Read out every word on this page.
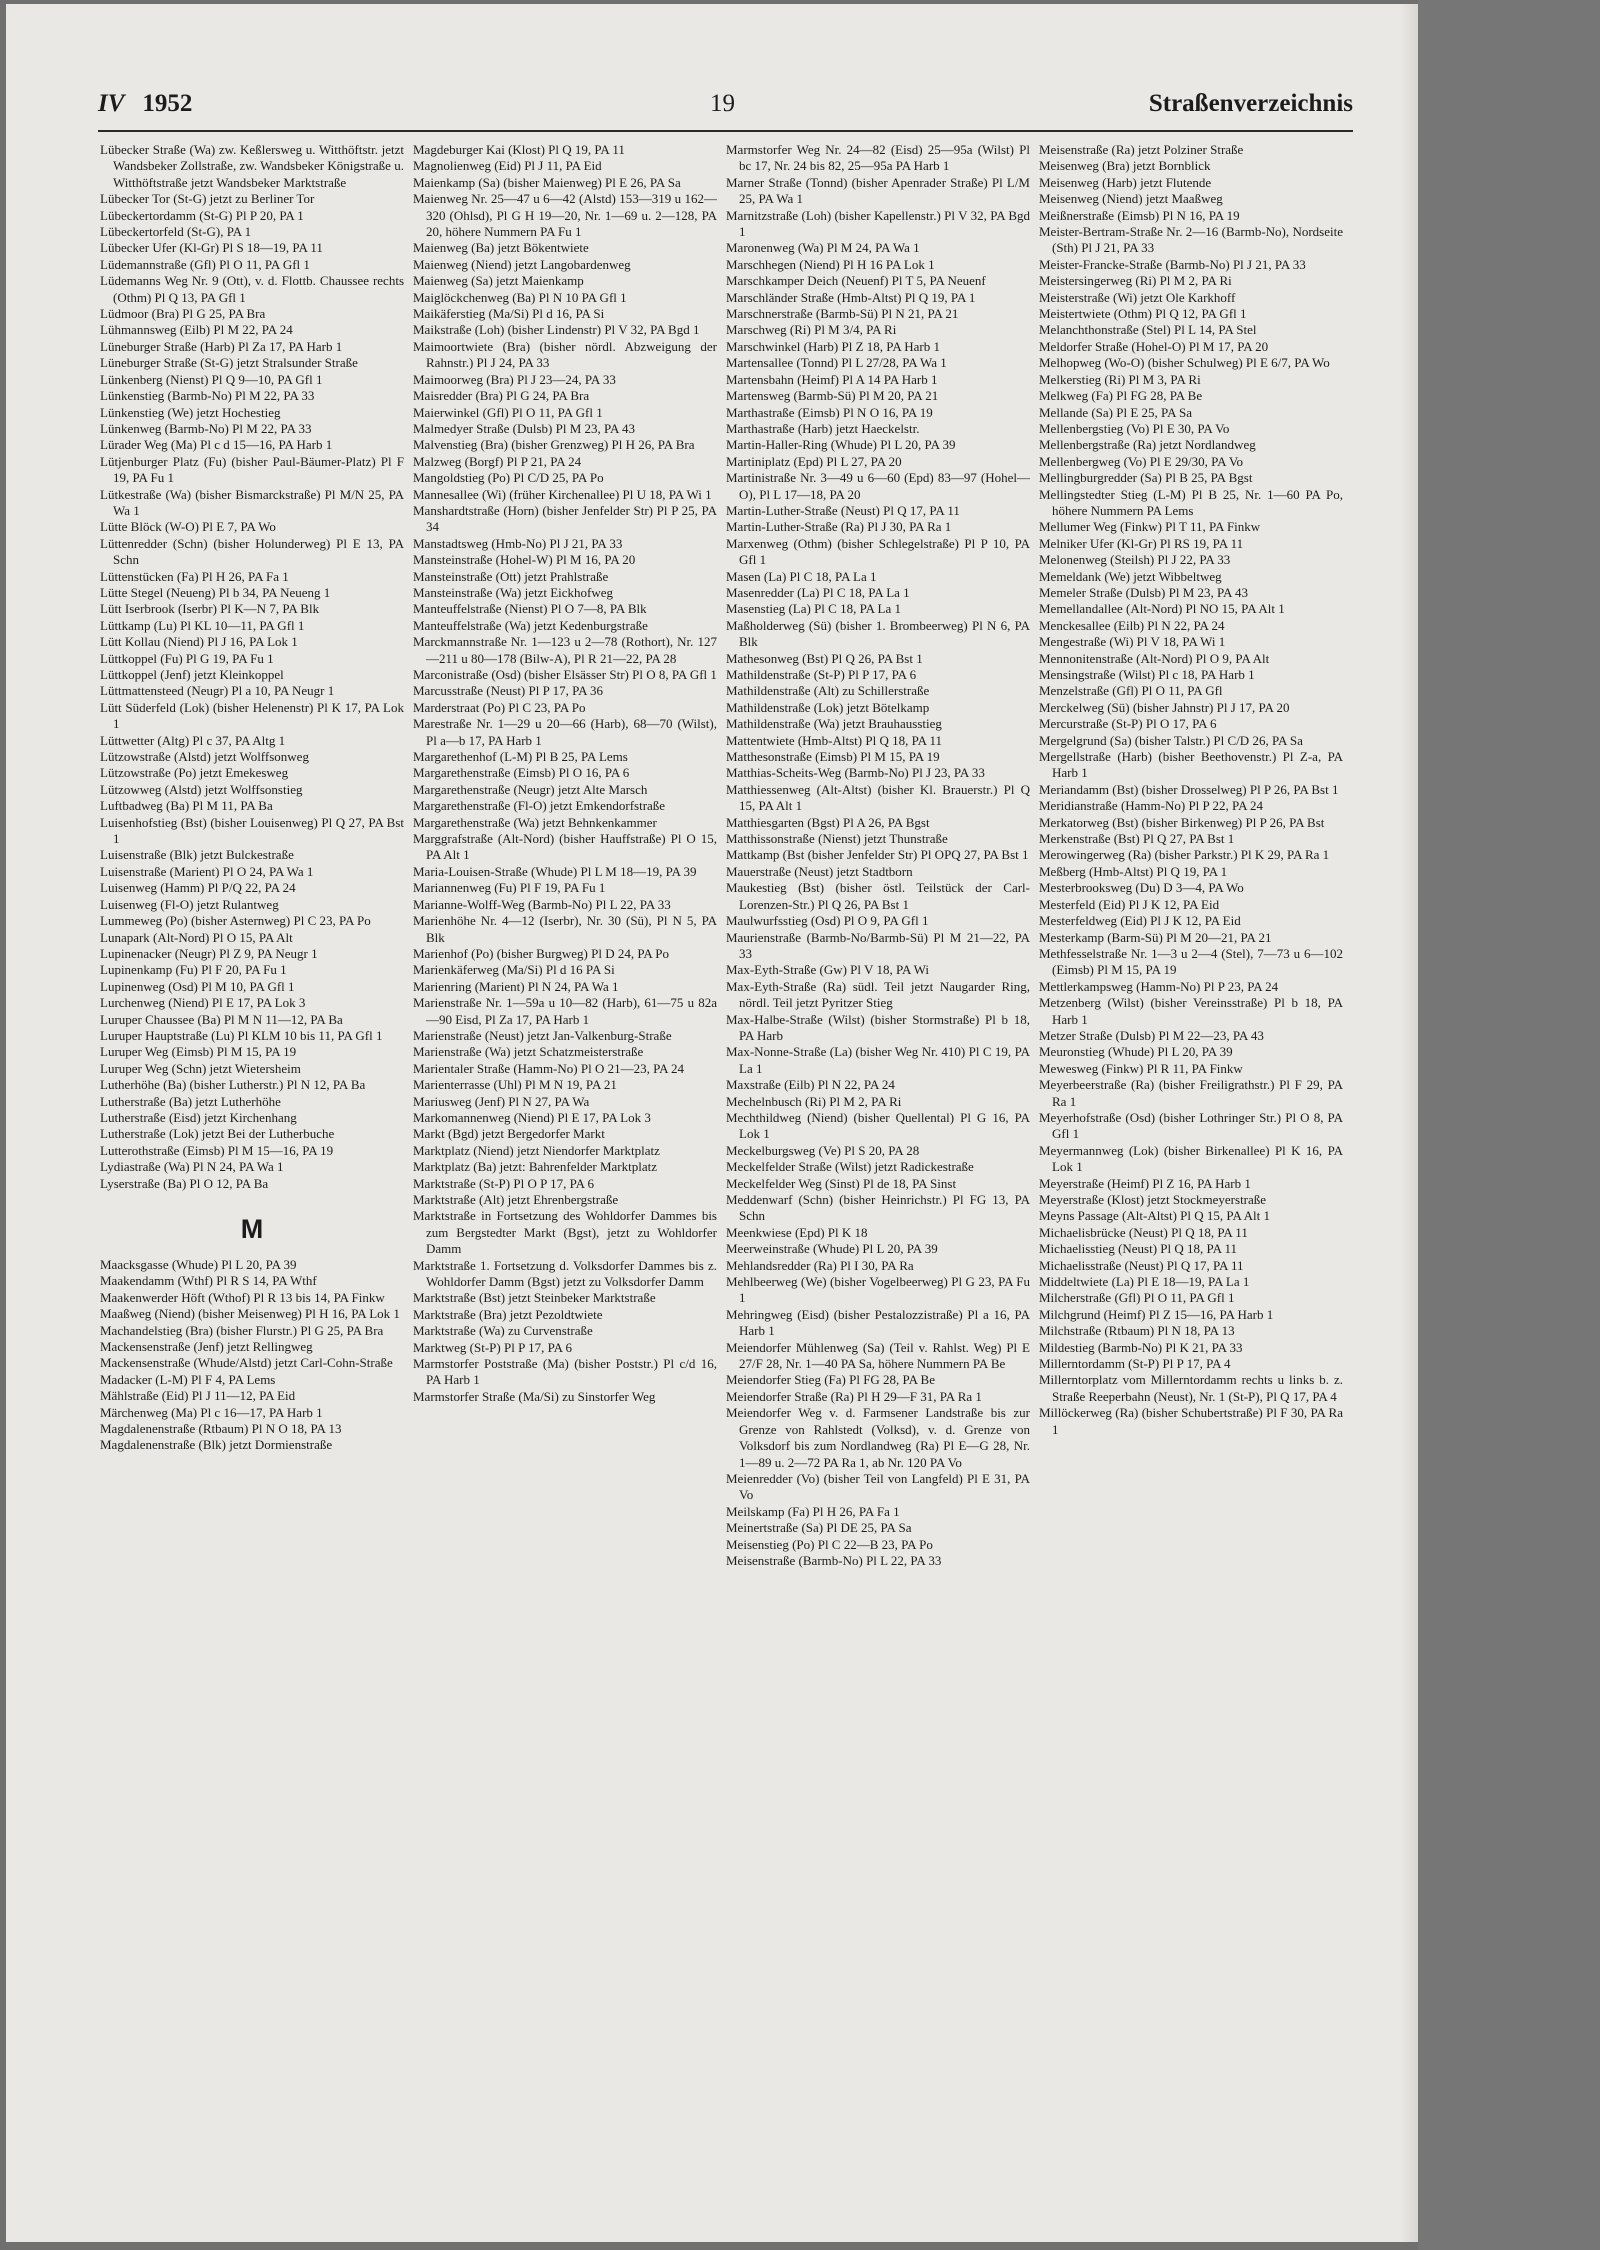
IV 1952	19	Straßenverzeichnis

Lübecker Straße (Wa) zw. Keßlersweg u. Witthöftstr. jetzt Wandsbeker Zollstraße, zw. Wandsbeker Königstraße u. Witthöftstraße jetzt Wandsbeker Marktstraße

Lübecker Tor (St-G) jetzt zu Berliner Tor

Lübeckertordamm (St-G) Pl P 20, PA 1

Lübeckertorfeld (St-G), PA 1

Lübecker Ufer (Kl-Gr) Pl S 18—19, PA 11

Lüdemannstraße (Gfl) Pl O 11, PA Gfl 1

Lüdemanns Weg Nr. 9 (Ott), v. d. Flottb. Chaussee rechts (Othm) Pl Q 13, PA Gfl 1

Lüdmoor (Bra) Pl G 25, PA Bra

Lühmannsweg (Eilb) Pl M 22, PA 24

Lüneburger Straße (Harb) Pl Za 17, PA Harb 1

Lüneburger Straße (St-G) jetzt Stralsunder Straße

Lünkenberg (Nienst) Pl Q 9—10, PA Gfl 1

Lünkenstieg (Barmb-No) Pl M 22, PA 33

Lünkenstieg (We) jetzt Hochestieg

Lünkenweg (Barmb-No) Pl M 22, PA 33

Lürader Weg (Ma) Pl c d 15—16, PA Harb 1

Lütjenburger Platz (Fu) (bisher Paul-Bäumer-Platz) Pl F 19, PA Fu 1

Lütkestraße (Wa) (bisher Bismarckstraße) Pl M/N 25, PA Wa 1

Lütte Blöck (W-O) Pl E 7, PA Wo

Lüttenredder (Schn) (bisher Holunderweg) Pl E 13, PA Schn

Lüttenstücken (Fa) Pl H 26, PA Fa 1

Lütte Stegel (Neueng) Pl b 34, PA Neueng 1

Lütt Iserbrook (Iserbr) Pl K—N 7, PA Blk

Lüttkamp (Lu) Pl KL 10—11, PA Gfl 1

Lütt Kollau (Niend) Pl J 16, PA Lok 1

Lüttkoppel (Fu) Pl G 19, PA Fu 1

Lüttkoppel (Jenf) jetzt Kleinkoppel

Lüttmattensteed (Neugr) Pl a 10, PA Neugr 1

Lütt Süderfeld (Lok) (bisher Helenenstr) Pl K 17, PA Lok 1

Lüttwetter (Altg) Pl c 37, PA Altg 1

Lützowstraße (Alstd) jetzt Wolffsonweg

Lützowstraße (Po) jetzt Emekesweg

Lützowweg (Alstd) jetzt Wolffsonstieg

Luftbadweg (Ba) Pl M 11, PA Ba

Luisenhofstieg (Bst) (bisher Louisenweg) Pl Q 27, PA Bst 1

Luisenstraße (Blk) jetzt Bulckestraße

Luisenstraße (Marient) Pl O 24, PA Wa 1

Luisenweg (Hamm) Pl P/Q 22, PA 24

Luisenweg (Fl-O) jetzt Rulantweg

Lummeweg (Po) (bisher Asternweg) Pl C 23, PA Po

Lunapark (Alt-Nord) Pl O 15, PA Alt

Lupinenacker (Neugr) Pl Z 9, PA Neugr 1

Lupinenkamp (Fu) Pl F 20, PA Fu 1

Lupinenweg (Osd) Pl M 10, PA Gfl 1

Lurchenweg (Niend) Pl E 17, PA Lok 3

Luruper Chaussee (Ba) Pl M N 11—12, PA Ba

Luruper Hauptstraße (Lu) Pl KLM 10 bis 11, PA Gfl 1

Luruper Weg (Eimsb) Pl M 15, PA 19

Luruper Weg (Schn) jetzt Wietersheim

Lutherhöhe (Ba) (bisher Lutherstr.) Pl N 12, PA Ba

Lutherstraße (Ba) jetzt Lutherhöhe

Lutherstraße (Eisd) jetzt Kirchenhang

Lutherstraße (Lok) jetzt Bei der Lutherbuche

Lutterothstraße (Eimsb) Pl M 15—16, PA 19

Lydiastraße (Wa) Pl N 24, PA Wa 1

Lyserstraße (Ba) Pl O 12, PA Ba

M

Maacksgasse (Whude) Pl L 20, PA 39

Maakendamm (Wthf) Pl R S 14, PA Wthf

Maakenwerder Höft (Wthof) Pl R 13 bis 14, PA Finkw

Maaßweg (Niend) (bisher Meisenweg) Pl H 16, PA Lok 1

Machandelstieg (Bra) (bisher Flurstr.) Pl G 25, PA Bra

Mackensenstraße (Jenf) jetzt Rellingweg

Mackensenstraße (Whude/Alstd) jetzt Carl-Cohn-Straße

Madacker (L-M) Pl F 4, PA Lems

Mählstraße (Eid) Pl J 11—12, PA Eid

Märchenweg (Ma) Pl c 16—17, PA Harb 1

Magdalenenstraße (Rtbaum) Pl N O 18, PA 13

Magdalenenstraße (Blk) jetzt Dormienstraße

Magdeburger Kai (Klost) Pl Q 19, PA 11

Magnolienweg (Eid) Pl J 11, PA Eid

Maienkamp (Sa) (bisher Maienweg) Pl E 26, PA Sa

Maienweg Nr. 25—47 u 6—42 (Alstd) 153—319 u 162—320 (Ohlsd), Pl G H 19—20, Nr. 1—69 u. 2—128, PA 20, höhere Nummern PA Fu 1

Maienweg (Ba) jetzt Bökentwiete

Maienweg (Niend) jetzt Langobardenweg

Maienweg (Sa) jetzt Maienkamp

Maiglöckchenweg (Ba) Pl N 10 PA Gfl 1

Maikäferstieg (Ma/Si) Pl d 16, PA Si

Maikstraße (Loh) (bisher Lindenstr) Pl V 32, PA Bgd 1

Maimoortwiete (Bra) (bisher nördl. Abzweigung der Rahnstr.) Pl J 24, PA 33

Maimoorweg (Bra) Pl J 23—24, PA 33

Maisredder (Bra) Pl G 24, PA Bra

Maierwinkel (Gfl) Pl O 11, PA Gfl 1

Malmedyer Straße (Dulsb) Pl M 23, PA 43

Malvenstieg (Bra) (bisher Grenzweg) Pl H 26, PA Bra

Malzweg (Borgf) Pl P 21, PA 24

Mangoldstieg (Po) Pl C/D 25, PA Po

Mannesallee (Wi) (früher Kirchenallee) Pl U 18, PA Wi 1

Manshardtstraße (Horn) (bisher Jenfelder Str) Pl P 25, PA 34

Manstadtsweg (Hmb-No) Pl J 21, PA 33

Mansteinstraße (Hohel-W) Pl M 16, PA 20

Mansteinstraße (Ott) jetzt Prahlstraße

Mansteinstraße (Wa) jetzt Eickhofweg

Manteuffelstraße (Nienst) Pl O 7—8, PA Blk

Manteuffelstraße (Wa) jetzt Kedenburgstraße

Marckmannstraße Nr. 1—123 u 2—78 (Rothort), Nr. 127—211 u 80—178 (Bilw-A), Pl R 21—22, PA 28

Marconistraße (Osd) (bisher Elsässer Str) Pl O 8, PA Gfl 1

Marcusstraße (Neust) Pl P 17, PA 36

Marderstraat (Po) Pl C 23, PA Po

Marestraße Nr. 1—29 u 20—66 (Harb), 68—70 (Wilst), Pl a—b 17, PA Harb 1

Margarethenhof (L-M) Pl B 25, PA Lems

Margarethenstraße (Eimsb) Pl O 16, PA 6

Margarethenstraße (Neugr) jetzt Alte Marsch

Margarethenstraße (Fl-O) jetzt Emkendorfstraße

Margarethenstraße (Wa) jetzt Behnkenkammer

Marggrafstraße (Alt-Nord) (bisher Hauffstraße) Pl O 15, PA Alt 1

Maria-Louisen-Straße (Whude) Pl L M 18—19, PA 39

Mariannenweg (Fu) Pl F 19, PA Fu 1

Marianne-Wolff-Weg (Barmb-No) Pl L 22, PA 33

Marienhöhe Nr. 4—12 (Iserbr), Nr. 30 (Sü), Pl N 5, PA Blk

Marienhof (Po) (bisher Burgweg) Pl D 24, PA Po

Marienkäferweg (Ma/Si) Pl d 16 PA Si

Marienring (Marient) Pl N 24, PA Wa 1

Marienstraße Nr. 1—59a u 10—82 (Harb), 61—75 u 82a—90 Eisd, Pl Za 17, PA Harb 1

Marienstraße (Neust) jetzt Jan-Valkenburg-Straße

Marienstraße (Wa) jetzt Schatzmeisterstraße

Marientaler Straße (Hamm-No) Pl O 21—23, PA 24

Marienterrasse (Uhl) Pl M N 19, PA 21

Mariusweg (Jenf) Pl N 27, PA Wa

Markomannenweg (Niend) Pl E 17, PA Lok 3

Markt (Bgd) jetzt Bergedorfer Markt

Marktplatz (Niend) jetzt Niendorfer Marktplatz

Marktplatz (Ba) jetzt: Bahrenfelder Marktplatz

Marktstraße (St-P) Pl O P 17, PA 6

Marktstraße (Alt) jetzt Ehrenbergstraße

Marktstraße in Fortsetzung des Wohldorfer Dammes bis zum Bergstedter Markt (Bgst), jetzt zu Wohldorfer Damm

Marktstraße 1. Fortsetzung d. Volksdorfer Dammes bis z. Wohldorfer Damm (Bgst) jetzt zu Volksdorfer Damm

Marktstraße (Bst) jetzt Steinbeker Marktstraße

Marktstraße (Bra) jetzt Pezoldtwiete

Marktstraße (Wa) zu Curvenstraße

Marktweg (St-P) Pl P 17, PA 6

Marmstorfer Poststraße (Ma) (bisher Poststr.) Pl c/d 16, PA Harb 1

Marmstorfer Straße (Ma/Si) zu Sinstorfer Weg

Marmstorfer Weg Nr. 24—82 (Eisd) 25—95a (Wilst) Pl bc 17, Nr. 24 bis 82, 25—95a PA Harb 1

Marner Straße (Tonnd) (bisher Apenrader Straße) Pl L/M 25, PA Wa 1

Marnitzstraße (Loh) (bisher Kapellenstr.) Pl V 32, PA Bgd 1

Maronenweg (Wa) Pl M 24, PA Wa 1

Marschhegen (Niend) Pl H 16 PA Lok 1

Marschkamper Deich (Neuenf) Pl T 5, PA Neuenf

Marschländer Straße (Hmb-Altst) Pl Q 19, PA 1

Marschnerstraße (Barmb-Sü) Pl N 21, PA 21

Marschweg (Ri) Pl M 3/4, PA Ri

Marschwinkel (Harb) Pl Z 18, PA Harb 1

Martensallee (Tonnd) Pl L 27/28, PA Wa 1

Martensbahn (Heimf) Pl A 14 PA Harb 1

Martensweg (Barmb-Sü) Pl M 20, PA 21

Marthastraße (Eimsb) Pl N O 16, PA 19

Marthastraße (Harb) jetzt Haeckelstr.

Martin-Haller-Ring (Whude) Pl L 20, PA 39

Martiniplatz (Epd) Pl L 27, PA 20

Martinistraße Nr. 3—49 u 6—60 (Epd) 83—97 (Hohel—O), Pl L 17—18, PA 20

Martin-Luther-Straße (Neust) Pl Q 17, PA 11

Martin-Luther-Straße (Ra) Pl J 30, PA Ra 1

Marxenweg (Othm) (bisher Schlegelstraße) Pl P 10, PA Gfl 1

Masen (La) Pl C 18, PA La 1

Masenredder (La) Pl C 18, PA La 1

Masenstieg (La) Pl C 18, PA La 1

Maßholderweg (Sü) (bisher 1. Brombeerweg) Pl N 6, PA Blk

Mathesonweg (Bst) Pl Q 26, PA Bst 1

Mathildenstraße (St-P) Pl P 17, PA 6

Mathildenstraße (Alt) zu Schillerstraße

Mathildenstraße (Lok) jetzt Bötelkamp

Mathildenstraße (Wa) jetzt Brauhausstieg

Mattentwiete (Hmb-Altst) Pl Q 18, PA 11

Matthesonstraße (Eimsb) Pl M 15, PA 19

Matthias-Scheits-Weg (Barmb-No) Pl J 23, PA 33

Matthiessenweg (Alt-Altst) (bisher Kl. Brauerstr.) Pl Q 15, PA Alt 1

Matthiesgarten (Bgst) Pl A 26, PA Bgst

Matthissonstraße (Nienst) jetzt Thunstraße

Mattkamp (Bst (bisher Jenfelder Str) Pl OPQ 27, PA Bst 1

Mauerstraße (Neust) jetzt Stadtborn

Maukestieg (Bst) (bisher östl. Teilstück der Carl-Lorenzen-Str.) Pl Q 26, PA Bst 1

Maulwurfsstieg (Osd) Pl O 9, PA Gfl 1

Maurienstraße (Barmb-No/Barmb-Sü) Pl M 21—22, PA 33

Max-Eyth-Straße (Gw) Pl V 18, PA Wi

Max-Eyth-Straße (Ra) südl. Teil jetzt Naugarder Ring, nördl. Teil jetzt Pyritzer Stieg

Max-Halbe-Straße (Wilst) (bisher Stormstraße) Pl b 18, PA Harb

Max-Nonne-Straße (La) (bisher Weg Nr. 410) Pl C 19, PA La 1

Maxstraße (Eilb) Pl N 22, PA 24

Mechelnbusch (Ri) Pl M 2, PA Ri

Mechthildweg (Niend) (bisher Quellental) Pl G 16, PA Lok 1

Meckelburgsweg (Ve) Pl S 20, PA 28

Meckelfelder Straße (Wilst) jetzt Radickestraße

Meckelfelder Weg (Sinst) Pl de 18, PA Sinst

Meddenwarf (Schn) (bisher Heinrichstr.) Pl FG 13, PA Schn

Meenkwiese (Epd) Pl K 18

Meerweinstraße (Whude) Pl L 20, PA 39

Mehlandsredder (Ra) Pl I 30, PA Ra

Mehlbeerweg (We) (bisher Vogelbeerweg) Pl G 23, PA Fu 1

Mehringweg (Eisd) (bisher Pestalozzistraße) Pl a 16, PA Harb 1

Meiendorfer Mühlenweg (Sa) (Teil v. Rahlst. Weg) Pl E 27/F 28, Nr. 1—40 PA Sa, höhere Nummern PA Be

Meiendorfer Stieg (Fa) Pl FG 28, PA Be

Meiendorfer Straße (Ra) Pl H 29—F 31, PA Ra 1

Meiendorfer Weg v. d. Farmsener Landstraße bis zur Grenze von Rahlstedt (Volksd), v. d. Grenze von Volksdorf bis zum Nordlandweg (Ra) Pl E—G 28, Nr. 1—89 u. 2—72 PA Ra 1, ab Nr. 120 PA Vo

Meienredder (Vo) (bisher Teil von Langfeld) Pl E 31, PA Vo

Meilskamp (Fa) Pl H 26, PA Fa 1

Meinertstraße (Sa) Pl DE 25, PA Sa

Meisenstieg (Po) Pl C 22—B 23, PA Po

Meisenstraße (Barmb-No) Pl L 22, PA 33

Meisenstraße (Ra) jetzt Polziner Straße

Meisenweg (Bra) jetzt Bornblick

Meisenweg (Harb) jetzt Flutende

Meisenweg (Niend) jetzt Maaßweg

Meißnerstraße (Eimsb) Pl N 16, PA 19

Meister-Bertram-Straße Nr. 2—16 (Barmb-No), Nordseite (Sth) Pl J 21, PA 33

Meister-Francke-Straße (Barmb-No) Pl J 21, PA 33

Meistersingerweg (Ri) Pl M 2, PA Ri

Meisterstraße (Wi) jetzt Ole Karkhoff

Meistertwiete (Othm) Pl Q 12, PA Gfl 1

Melanchthonstraße (Stel) Pl L 14, PA Stel

Meldorfer Straße (Hohel-O) Pl M 17, PA 20

Melhopweg (Wo-O) (bisher Schulweg) Pl E 6/7, PA Wo

Melkerstieg (Ri) Pl M 3, PA Ri

Melkweg (Fa) Pl FG 28, PA Be

Mellande (Sa) Pl E 25, PA Sa

Mellenbergstieg (Vo) Pl E 30, PA Vo

Mellenbergstraße (Ra) jetzt Nordlandweg

Mellenbergweg (Vo) Pl E 29/30, PA Vo

Mellingburgredder (Sa) Pl B 25, PA Bgst

Mellingstedter Stieg (L-M) Pl B 25, Nr. 1—60 PA Po, höhere Nummern PA Lems

Mellumer Weg (Finkw) Pl T 11, PA Finkw

Melniker Ufer (Kl-Gr) Pl RS 19, PA 11

Melonenweg (Steilsh) Pl J 22, PA 33

Memeldank (We) jetzt Wibbeltweg

Memeler Straße (Dulsb) Pl M 23, PA 43

Memellandallee (Alt-Nord) Pl NO 15, PA Alt 1

Menckesallee (Eilb) Pl N 22, PA 24

Mengestraße (Wi) Pl V 18, PA Wi 1

Mennonitenstraße (Alt-Nord) Pl O 9, PA Alt

Mensingstraße (Wilst) Pl c 18, PA Harb 1

Menzelstraße (Gfl) Pl O 11, PA Gfl

Merckelweg (Sü) (bisher Jahnstr) Pl J 17, PA 20

Mercurstraße (St-P) Pl O 17, PA 6

Mergelgrund (Sa) (bisher Talstr.) Pl C/D 26, PA Sa

Mergellstraße (Harb) (bisher Beethovenstr.) Pl Z-a, PA Harb 1

Meriandamm (Bst) (bisher Drosselweg) Pl P 26, PA Bst 1

Meridianstraße (Hamm-No) Pl P 22, PA 24

Merkatorweg (Bst) (bisher Birkenweg) Pl P 26, PA Bst

Merkenstraße (Bst) Pl Q 27, PA Bst 1

Merowingerweg (Ra) (bisher Parkstr.) Pl K 29, PA Ra 1

Meßberg (Hmb-Altst) Pl Q 19, PA 1

Mesterbrooksweg (Du) D 3—4, PA Wo

Mesterfeld (Eid) Pl J K 12, PA Eid

Mesterfeldweg (Eid) Pl J K 12, PA Eid

Mesterkamp (Barm-Sü) Pl M 20—21, PA 21

Methfesselstraße Nr. 1—3 u 2—4 (Stel), 7—73 u 6—102 (Eimsb) Pl M 15, PA 19

Mettlerkampsweg (Hamm-No) Pl P 23, PA 24

Metzenberg (Wilst) (bisher Vereinsstraße) Pl b 18, PA Harb 1

Metzer Straße (Dulsb) Pl M 22—23, PA 43

Meuronstieg (Whude) Pl L 20, PA 39

Mewesweg (Finkw) Pl R 11, PA Finkw

Meyerbeerstraße (Ra) (bisher Freiligrathstr.) Pl F 29, PA Ra 1

Meyerhofstraße (Osd) (bisher Lothringer Str.) Pl O 8, PA Gfl 1

Meyermannweg (Lok) (bisher Birkenallee) Pl K 16, PA Lok 1

Meyerstraße (Heimf) Pl Z 16, PA Harb 1

Meyerstraße (Klost) jetzt Stockmeyerstraße

Meyns Passage (Alt-Altst) Pl Q 15, PA Alt 1

Michaelisbrücke (Neust) Pl Q 18, PA 11

Michaelisstieg (Neust) Pl Q 18, PA 11

Michaelisstraße (Neust) Pl Q 17, PA 11

Middeltwiete (La) Pl E 18—19, PA La 1

Milcherstraße (Gfl) Pl O 11, PA Gfl 1

Milchgrund (Heimf) Pl Z 15—16, PA Harb 1

Milchstraße (Rtbaum) Pl N 18, PA 13

Mildestieg (Barmb-No) Pl K 21, PA 33

Millerntordamm (St-P) Pl P 17, PA 4

Millerntorplatz vom Millerntordamm rechts u links b. z. Straße Reeperbahn (Neust), Nr. 1 (St-P), Pl Q 17, PA 4

Millöckerweg (Ra) (bisher Schubertstraße) Pl F 30, PA Ra 1
